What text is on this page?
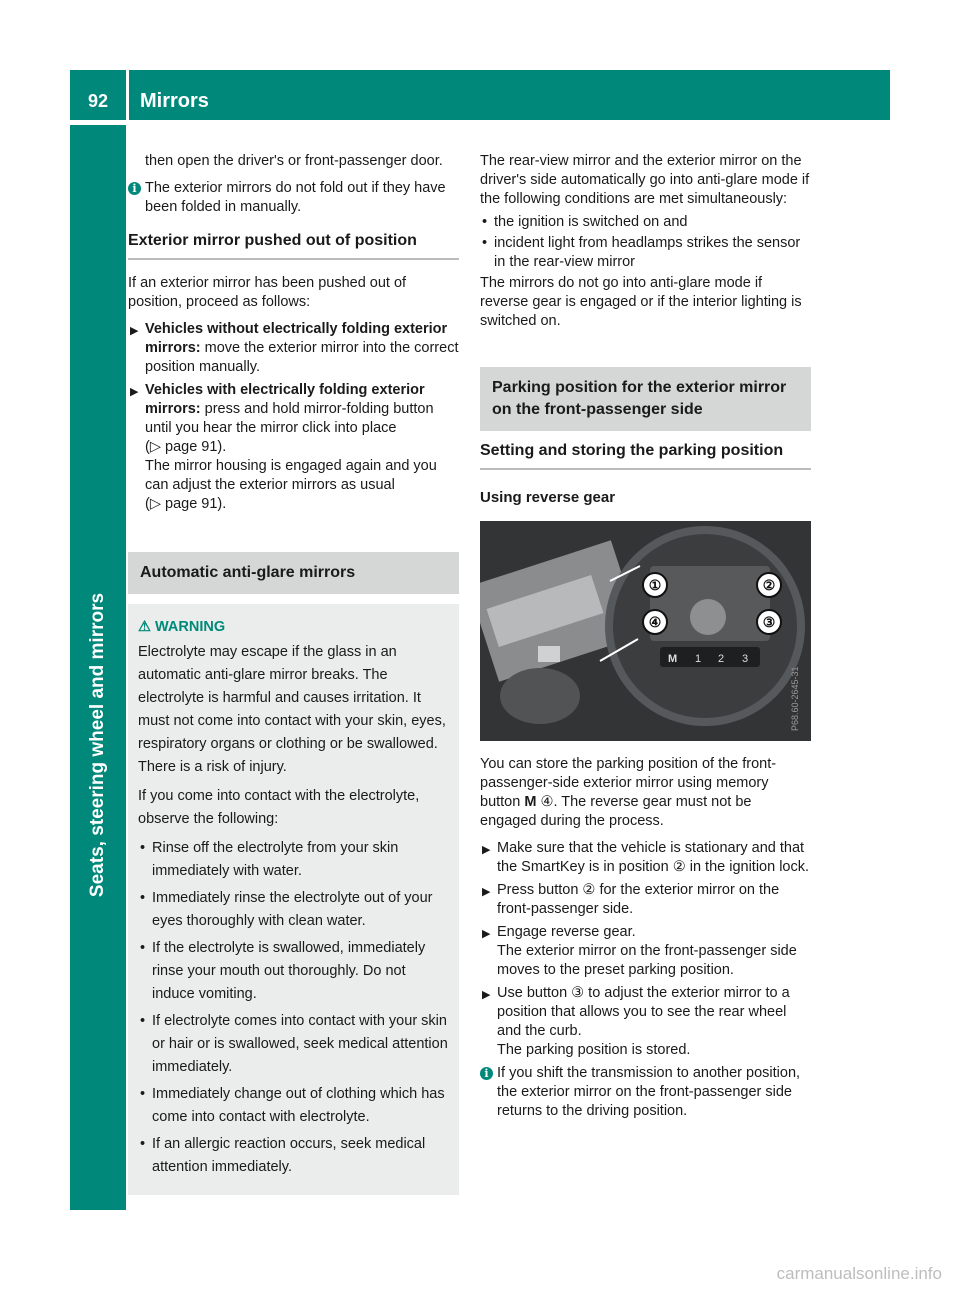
92	Mirrors
Seats, steering wheel and mirrors

then open the driver's or front-passenger door.

i The exterior mirrors do not fold out if they have been folded in manually.
Exterior mirror pushed out of position

If an exterior mirror has been pushed out of position, proceed as follows:

▶ Vehicles without electrically folding exterior mirrors: move the exterior mirror into the correct position manually.
▶ Vehicles with electrically folding exterior mirrors: press and hold mirror-folding button until you hear the mirror click into place
(▷ page 91).
The mirror housing is engaged again and you can adjust the exterior mirrors as usual
(▷ page 91).
Automatic anti-glare mirrors
⚠ WARNING

Electrolyte may escape if the glass in an automatic anti-glare mirror breaks. The electrolyte is harmful and causes irritation. It must not come into contact with your skin, eyes, respiratory organs or clothing or be swallowed. There is a risk of injury.

If you come into contact with the electrolyte, observe the following:

• Rinse off the electrolyte from your skin immediately with water.
• Immediately rinse the electrolyte out of your eyes thoroughly with clean water.
• If the electrolyte is swallowed, immediately rinse your mouth out thoroughly. Do not induce vomiting.
• If electrolyte comes into contact with your skin or hair or is swallowed, seek medical attention immediately.
• Immediately change out of clothing which has come into contact with electrolyte.
• If an allergic reaction occurs, seek medical attention immediately.

The rear-view mirror and the exterior mirror on the driver's side automatically go into anti-glare mode if the following conditions are met simultaneously:

• the ignition is switched on and
• incident light from headlamps strikes the sensor in the rear-view mirror

The mirrors do not go into anti-glare mode if reverse gear is engaged or if the interior lighting is switched on.

Parking position for the exterior mirror on the front-passenger side
Setting and storing the parking position
Using reverse gear
M 1 2 3
P68.60-2645-31
①	②
③
④

You can store the parking position of the front-passenger-side exterior mirror using memory button M ④. The reverse gear must not be engaged during the process.

▶ Make sure that the vehicle is stationary and that the SmartKey is in position ② in the ignition lock.
▶ Press button ② for the exterior mirror on the front-passenger side.
▶ Engage reverse gear.
The exterior mirror on the front-passenger side moves to the preset parking position.
▶ Use button ③ to adjust the exterior mirror to a position that allows you to see the rear wheel and the curb.
The parking position is stored.
i If you shift the transmission to another position, the exterior mirror on the front-passenger side returns to the driving position.
carmanualsonline.info
